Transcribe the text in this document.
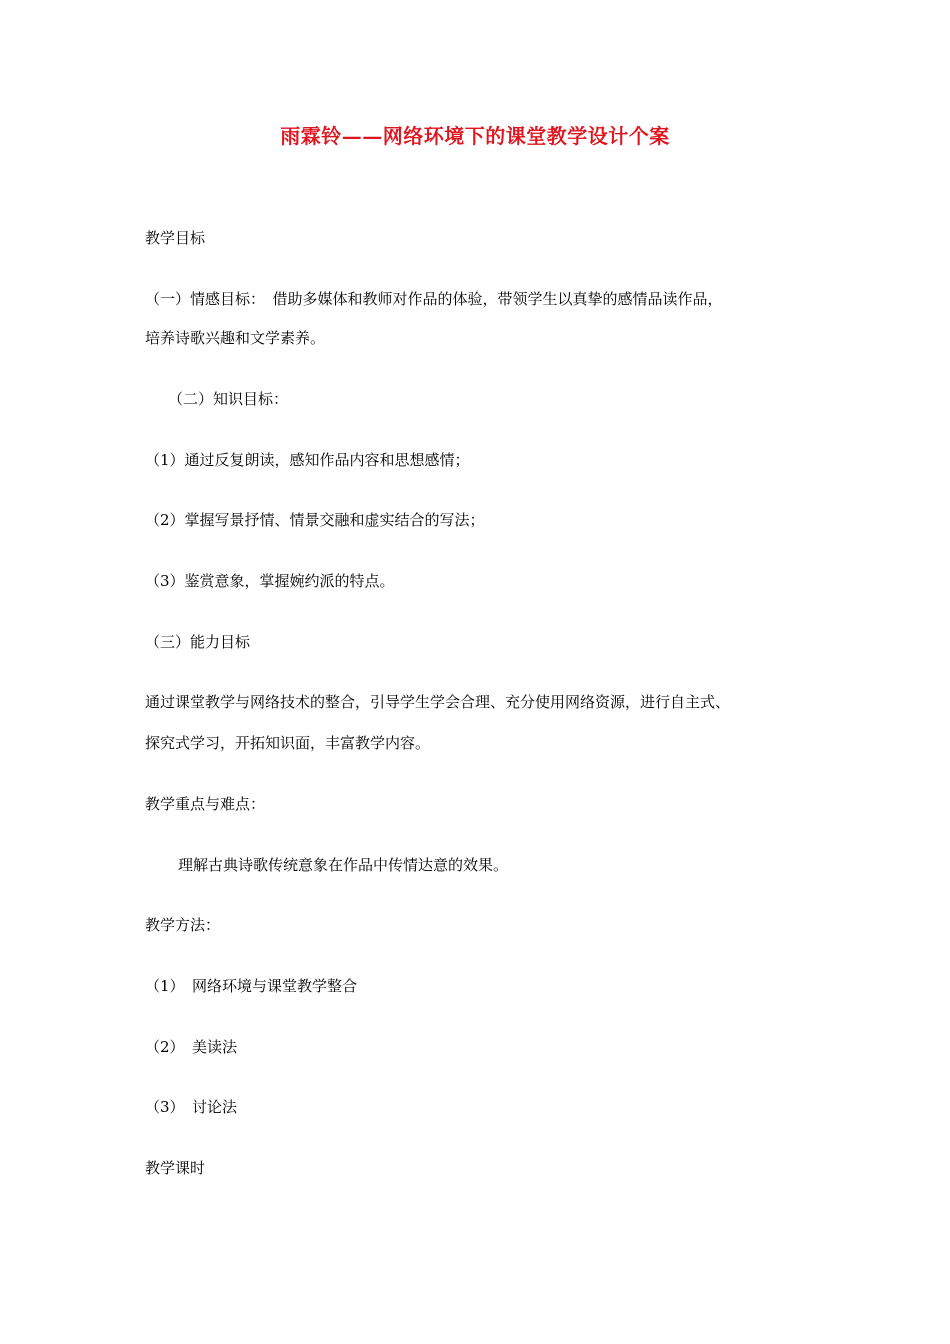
雨霖铃——网络环境下的课堂教学设计个案
教学目标
（一）情感目标：　借助多媒体和教师对作品的体验，带领学生以真挚的感情品读作品，
培养诗歌兴趣和文学素养。
（二）知识目标：
（1）通过反复朗读，感知作品内容和思想感情；
（2）掌握写景抒情、情景交融和虚实结合的写法；
（3）鉴赏意象，掌握婉约派的特点。
（三）能力目标
通过课堂教学与网络技术的整合，引导学生学会合理、充分使用网络资源，进行自主式、
探究式学习，开拓知识面，丰富教学内容。
教学重点与难点：
理解古典诗歌传统意象在作品中传情达意的效果。
教学方法：
（1）　网络环境与课堂教学整合
（2）　美读法
（3）　讨论法
教学课时
